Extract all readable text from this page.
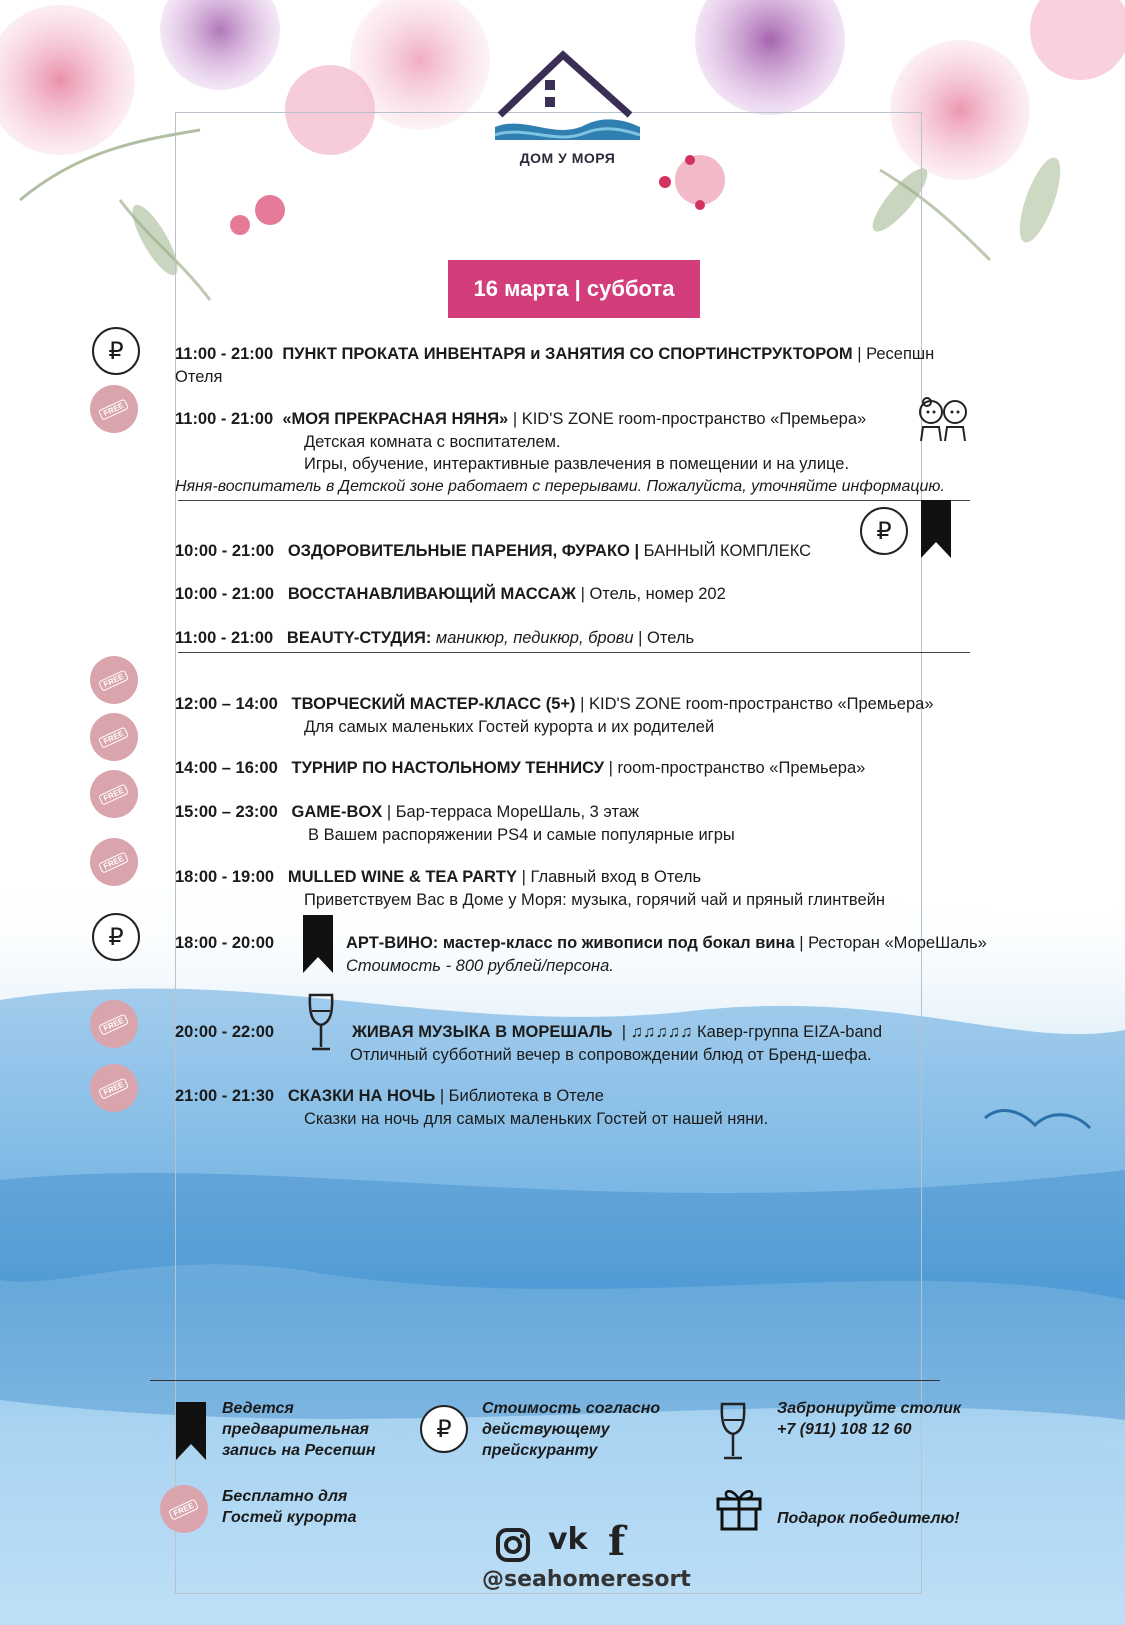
ДОМ У МОРЯ
16 марта | суббота
₽	11:00 - 21:00 ПУНКТ ПРОКАТА ИНВЕНТАРЯ и ЗАНЯТИЯ СО СПОРТИНСТРУКТОРОМ | Ресепшн
Отеля
FREE
11:00 - 21:00 «МОЯ ПРЕКРАСНАЯ НЯНЯ» | KID'S ZONE room-пространство «Премьера»
Детская комната с воспитателем.
Игры, обучение, интерактивные развлечения в помещении и на улице.
Няня-воспитатель в Детской зоне работает с перерывами. Пожалуйста, уточняйте информацию.
₽
10:00 - 21:00 ОЗДОРОВИТЕЛЬНЫЕ ПАРЕНИЯ, ФУРАКО | БАННЫЙ КОМПЛЕКС
10:00 - 21:00 ВОССТАНАВЛИВАЮЩИЙ МАССАЖ | Отель, номер 202
11:00 - 21:00 BEAUTY-СТУДИЯ: маникюр, педикюр, брови | Отель
FREE
12:00 – 14:00 ТВОРЧЕСКИЙ МАСТЕР-КЛАСС (5+) | KID'S ZONE room-пространство «Премьера»
Для самых маленьких Гостей курорта и их родителей
FREE
14:00 – 16:00 ТУРНИР ПО НАСТОЛЬНОМУ ТЕННИСУ | room-пространство «Премьера»
FREE
15:00 – 23:00 GAME-BOX | Бар-терраса МореШаль, 3 этаж
В Вашем распоряжении PS4 и самые популярные игры
FREE
18:00 - 19:00 MULLED WINE & TEA PARTY | Главный вход в Отель
Приветствуем Вас в Доме у Моря: музыка, горячий чай и пряный глинтвейн
₽	18:00 - 20:00	АРТ-ВИНО: мастер-класс по живописи под бокал вина | Ресторан «МореШаль»
Стоимость - 800 рублей/персона.
FREE	20:00 - 22:00	ЖИВАЯ МУЗЫКА В МОРЕШАЛЬ | ♫♫♫♫♫ Кавер-группа EIZA-band
Отличный субботний вечер в сопровождении блюд от Бренд-шефа.
FREE	21:00 - 21:30 СКАЗКИ НА НОЧЬ | Библиотека в Отеле
Сказки на ночь для самых маленьких Гостей от нашей няни.
Ведется
предварительная
запись на Ресепшн
₽
Стоимость согласно
действующему
прейскуранту
Забронируйте столик
+7 (911) 108 12 60
FREE
Бесплатно для
Гостей курорта	Подарок победителю!
vk f
@seahomeresort
